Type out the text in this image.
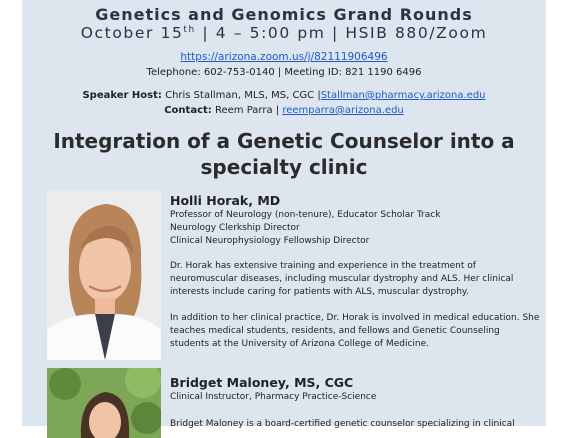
Genetics and Genomics Grand Rounds
October 15th | 4 – 5:00 pm | HSIB 880/Zoom
https://arizona.zoom.us/j/82111906496
Telephone: 602-753-0140 | Meeting ID: 821 1190 6496
Speaker Host: Chris Stallman, MLS, MS, CGC |Stallman@pharmacy.arizona.edu
Contact: Reem Parra | reemparra@arizona.edu
Integration of a Genetic Counselor into a
specialty clinic
Holli Horak, MD
Professor of Neurology (non-tenure), Educator Scholar Track
Neurology Clerkship Director
Clinical Neurophysiology Fellowship Director
Dr. Horak has extensive training and experience in the treatment of neuromuscular diseases, including muscular dystrophy and ALS. Her clinical interests include caring for patients with ALS, muscular dystrophy.
In addition to her clinical practice, Dr. Horak is involved in medical education. She teaches medical students, residents, and fellows and Genetic Counseling students at the University of Arizona College of Medicine.
Bridget Maloney, MS, CGC
Clinical Instructor, Pharmacy Practice-Science
Bridget Maloney is a board-certified genetic counselor specializing in clinical
